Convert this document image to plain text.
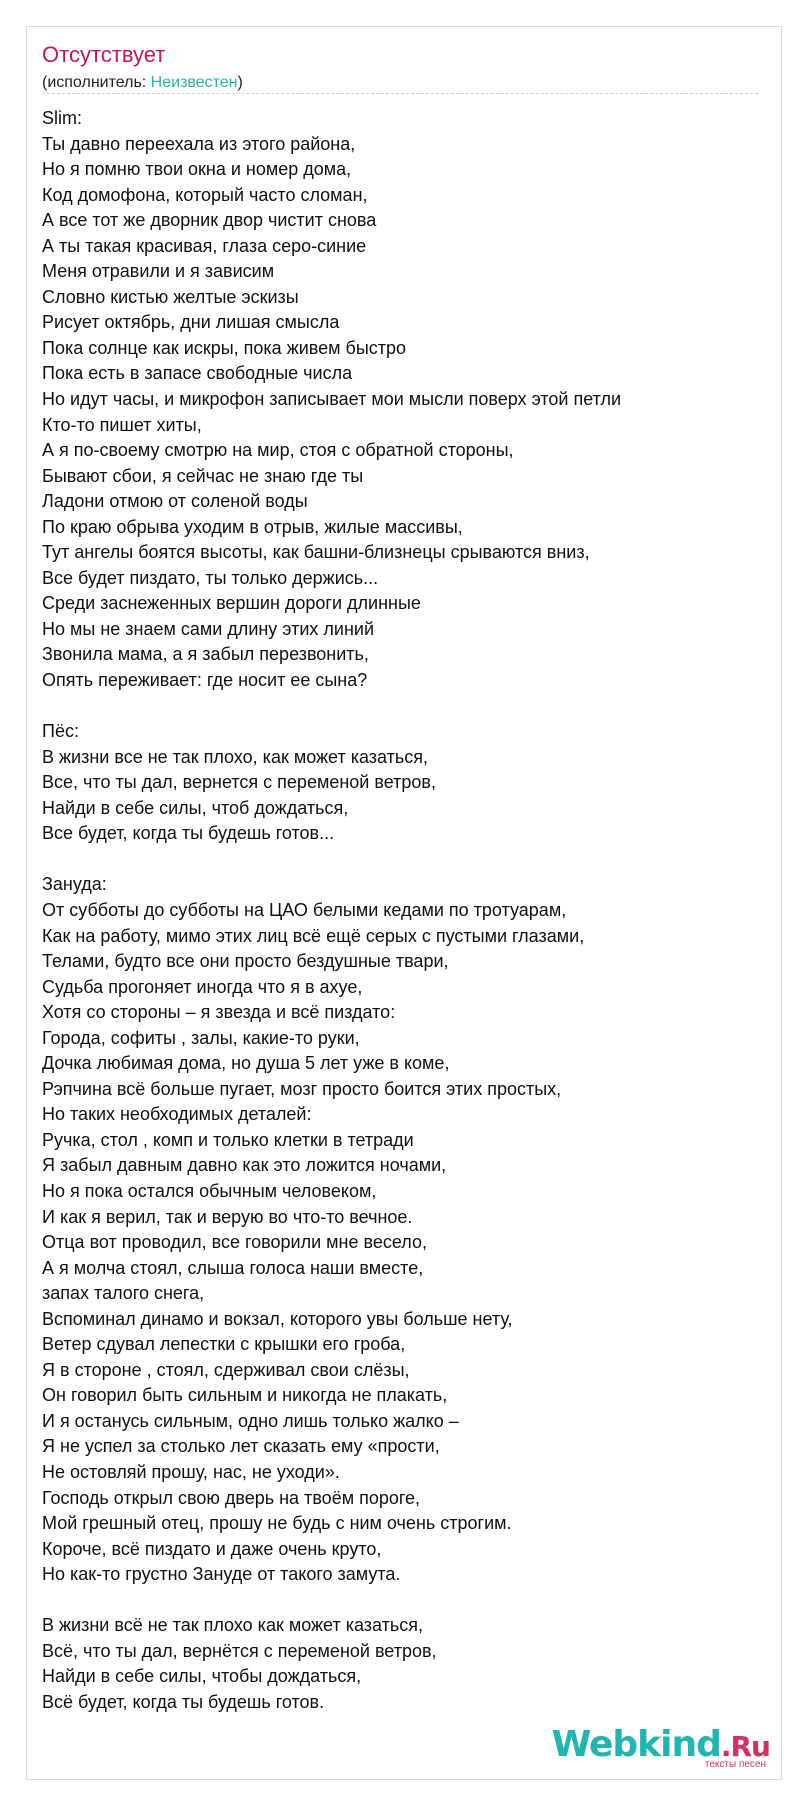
Отсутствует
(исполнитель: Неизвестен)
Slim:
Ты давно переехала из этого района,
Но я помню твои окна и номер дома,
Код домофона, который часто сломан,
А все тот же дворник двор чистит снова
А ты такая красивая, глаза серо-синие
Меня отравили и я зависим
Словно кистью желтые эскизы
Рисует октябрь, дни лишая смысла
Пока солнце как искры, пока живем быстро
Пока есть в запасе свободные числа
Но идут часы, и микрофон записывает мои мысли поверх этой петли
Кто-то пишет хиты,
А я по-своему смотрю на мир, стоя с обратной стороны,
Бывают сбои, я сейчас не знаю где ты
Ладони отмою от соленой воды
По краю обрыва уходим в отрыв, жилые массивы,
Тут ангелы боятся высоты, как башни-близнецы срываются вниз,
Все будет пиздато, ты только держись...
Среди заснеженных вершин дороги длинные
Но мы не знаем сами длину этих линий
Звонила мама, а я забыл перезвонить,
Опять переживает: где носит ее сына?
Пёс:
В жизни все не так плохо, как может казаться,
Все, что ты дал, вернется с переменой ветров,
Найди в себе силы, чтоб дождаться,
Все будет, когда ты будешь готов...
Зануда:
От субботы до субботы на ЦАО белыми кедами по тротуарам,
Как на работу, мимо этих лиц всё ещё серых с пустыми глазами,
Телами, будто все они просто бездушные твари,
Судьба прогоняет иногда что я в ахуе,
Хотя со стороны – я звезда и всё пиздато:
Города, софиты , залы, какие-то руки,
Дочка любимая дома, но душа 5 лет уже в коме,
Рэпчина всё больше пугает, мозг просто боится этих простых,
Но таких необходимых деталей:
Ручка, стол , комп и только клетки в тетради
Я забыл давным давно как это ложится ночами,
Но я пока остался обычным человеком,
И как я верил, так и верую во что-то вечное.
Отца вот проводил, все говорили мне весело,
А я молча стоял, слыша голоса наши вместе,
запах талого снега,
Вспоминал динамо и вокзал, которого увы больше нету,
Ветер сдувал лепестки с крышки его гроба,
Я в стороне , стоял, сдерживал свои слёзы,
Он говорил быть сильным и никогда не плакать,
И я останусь сильным, одно лишь только жалко –
Я не успел за столько лет сказать ему «прости,
Не остовляй прошу, нас, не уходи».
Господь открыл свою дверь на твоём пороге,
Мой грешный отец, прошу не будь с ним очень строгим.
Короче, всё пиздато и даже очень круто,
Но как-то грустно Зануде от такого замута.
В жизни всё не так плохо как может казаться,
Всё, что ты дал, вернётся с переменой ветров,
Найди в себе силы, чтобы дождаться,
Всё будет, когда ты будешь готов.
Webkind.Ru
тексты песен
